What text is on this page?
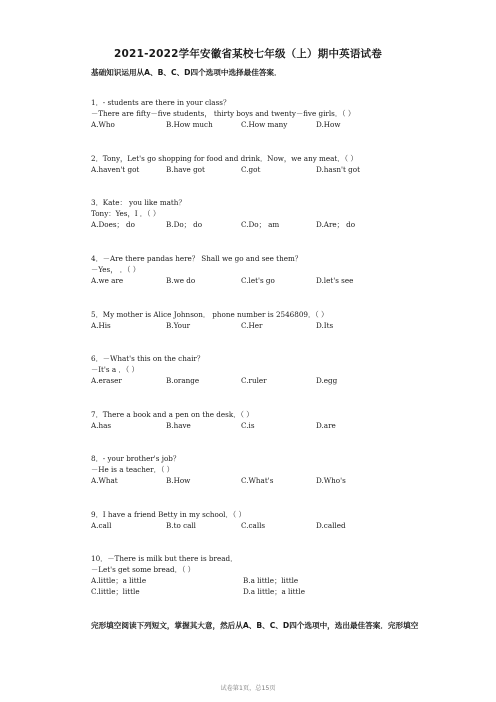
2021-2022学年安徽省某校七年级（上）期中英语试卷
基础知识运用从A、B、C、D四个选项中选择最佳答案．
1．- students are there in your class？
－There are fifty－five students， thirty boys and twenty－five girls．（ ）
A.Who	B.How much	C.How many	D.How
2．Tony，Let's go shopping for food and drink．Now，we any meat．（ ）
A.haven't got	B.have got	C.got	D.hasn't got
3．Kate： you like math？
Tony：Yes，I ．（ ）
A.Does； do	B.Do； do	C.Do； am	D.Are； do
4．－Are there pandas here？ Shall we go and see them？
－Yes， ．（ ）
A.we are	B.we do	C.let's go	D.let's see
5．My mother is Alice Johnson． phone number is 2546809．（ ）
A.His	B.Your	C.Her	D.Its
6．－What's this on the chair？
－It's a ．（ ）
A.eraser	B.orange	C.ruler	D.egg
7．There a book and a pen on the desk．（ ）
A.has	B.have	C.is	D.are
8．- your brother's job？
－He is a teacher．（ ）
A.What	B.How	C.What's	D.Who's
9．I have a friend Betty in my school．（ ）
A.call	B.to call	C.calls	D.called
10．－There is milk but there is bread．
－Let's get some bread．（ ）
A.little；a little	B.a little；little
C.little；little	D.a little；a little
完形填空阅读下列短文，掌握其大意，然后从A、B、C、D四个选项中，选出最佳答案．完形填空
试卷第1页，总15页
